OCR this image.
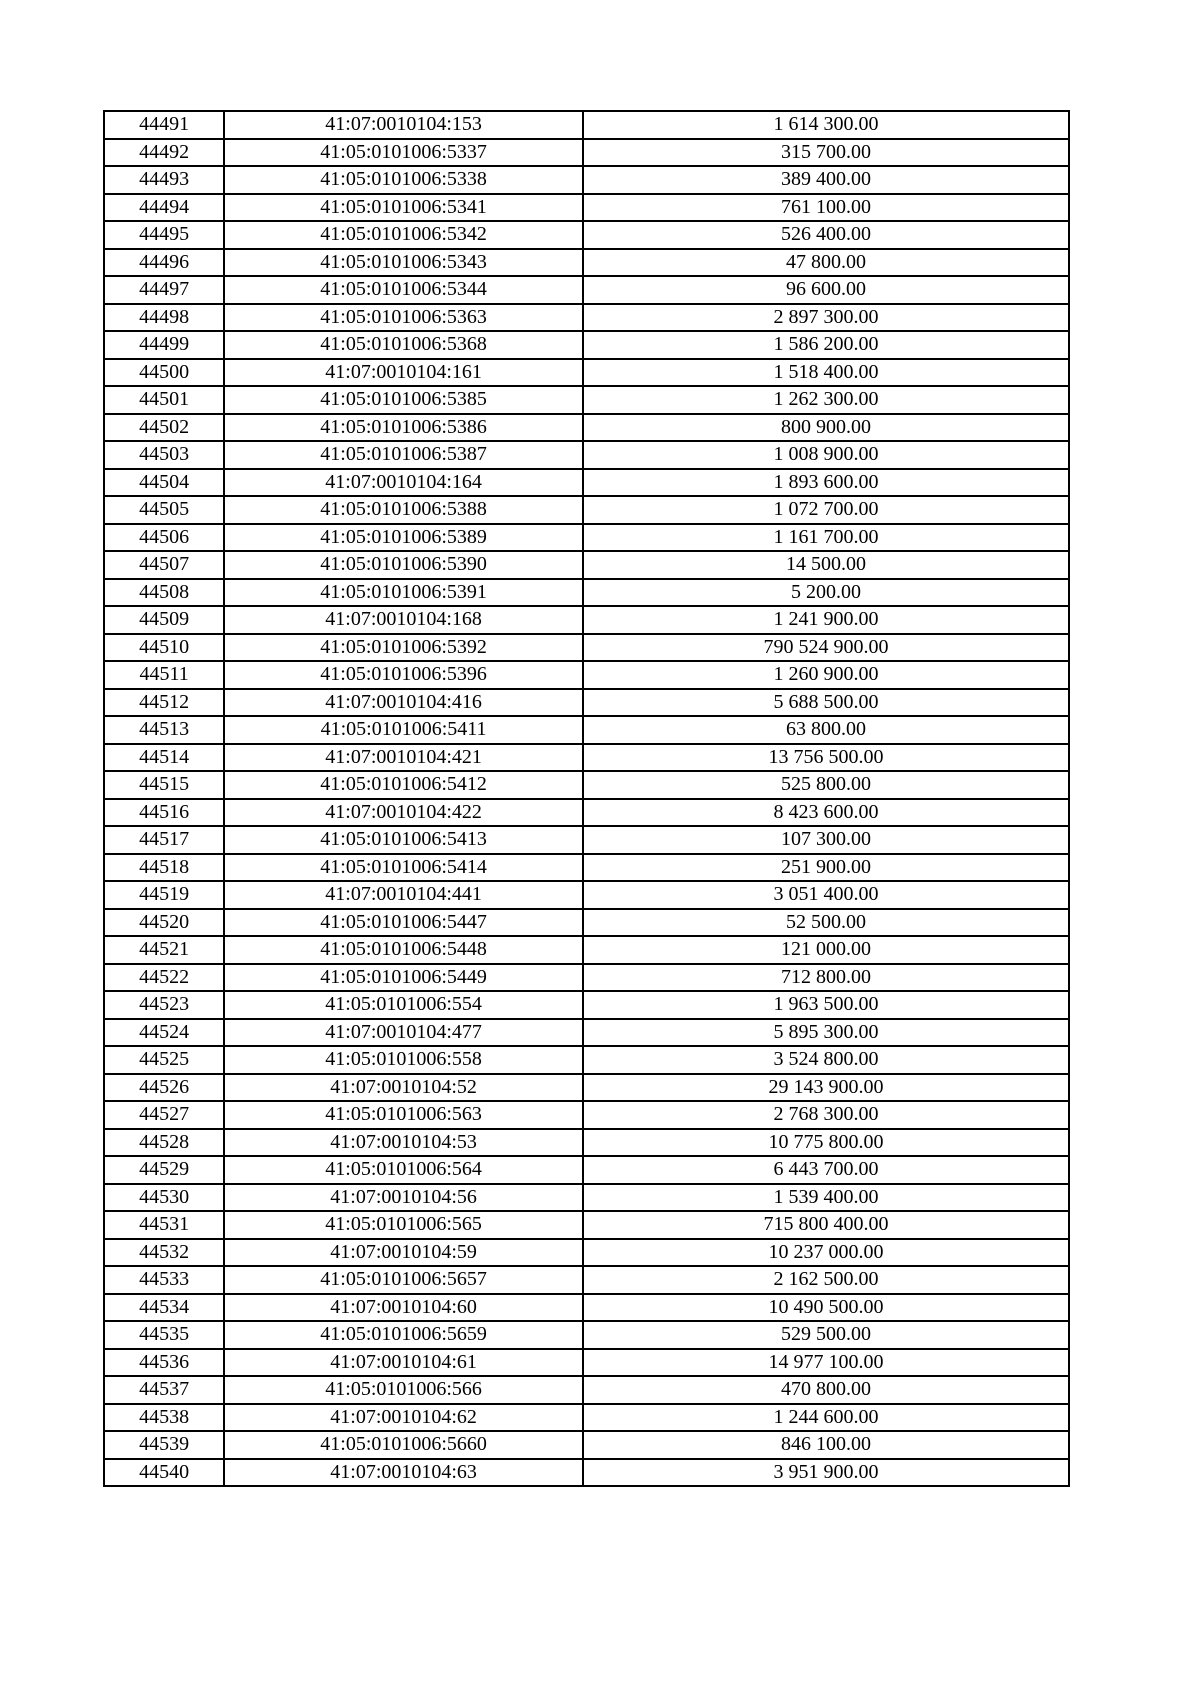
44491	41:07:0010104:153	1 614 300.00
44492	41:05:0101006:5337	315 700.00
44493	41:05:0101006:5338	389 400.00
44494	41:05:0101006:5341	761 100.00
44495	41:05:0101006:5342	526 400.00
44496	41:05:0101006:5343	47 800.00
44497	41:05:0101006:5344	96 600.00
44498	41:05:0101006:5363	2 897 300.00
44499	41:05:0101006:5368	1 586 200.00
44500	41:07:0010104:161	1 518 400.00
44501	41:05:0101006:5385	1 262 300.00
44502	41:05:0101006:5386	800 900.00
44503	41:05:0101006:5387	1 008 900.00
44504	41:07:0010104:164	1 893 600.00
44505	41:05:0101006:5388	1 072 700.00
44506	41:05:0101006:5389	1 161 700.00
44507	41:05:0101006:5390	14 500.00
44508	41:05:0101006:5391	5 200.00
44509	41:07:0010104:168	1 241 900.00
44510	41:05:0101006:5392	790 524 900.00
44511	41:05:0101006:5396	1 260 900.00
44512	41:07:0010104:416	5 688 500.00
44513	41:05:0101006:5411	63 800.00
44514	41:07:0010104:421	13 756 500.00
44515	41:05:0101006:5412	525 800.00
44516	41:07:0010104:422	8 423 600.00
44517	41:05:0101006:5413	107 300.00
44518	41:05:0101006:5414	251 900.00
44519	41:07:0010104:441	3 051 400.00
44520	41:05:0101006:5447	52 500.00
44521	41:05:0101006:5448	121 000.00
44522	41:05:0101006:5449	712 800.00
44523	41:05:0101006:554	1 963 500.00
44524	41:07:0010104:477	5 895 300.00
44525	41:05:0101006:558	3 524 800.00
44526	41:07:0010104:52	29 143 900.00
44527	41:05:0101006:563	2 768 300.00
44528	41:07:0010104:53	10 775 800.00
44529	41:05:0101006:564	6 443 700.00
44530	41:07:0010104:56	1 539 400.00
44531	41:05:0101006:565	715 800 400.00
44532	41:07:0010104:59	10 237 000.00
44533	41:05:0101006:5657	2 162 500.00
44534	41:07:0010104:60	10 490 500.00
44535	41:05:0101006:5659	529 500.00
44536	41:07:0010104:61	14 977 100.00
44537	41:05:0101006:566	470 800.00
44538	41:07:0010104:62	1 244 600.00
44539	41:05:0101006:5660	846 100.00
44540	41:07:0010104:63	3 951 900.00
